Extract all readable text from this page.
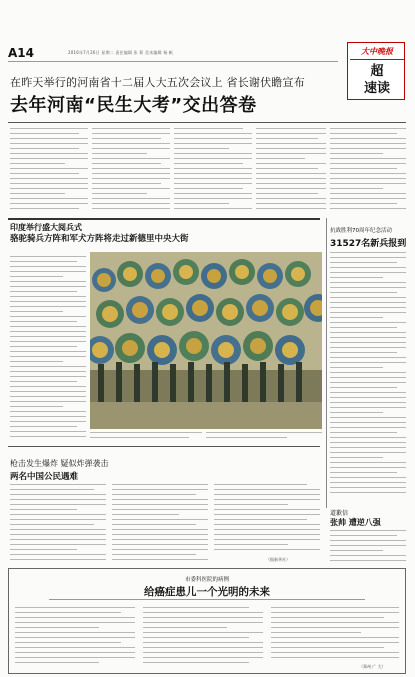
A14	2016年7月26日 星期二 责任编辑 张 莉 美术编辑 杨 帆	大中晚报
超
速读
在昨天举行的河南省十二届人大五次会议上 省长谢伏瞻宣布
去年河南“民生大考”交出答卷
印度举行盛大阅兵式
骆驼骑兵方阵和军犬方阵将走过新德里中央大街
抗战胜利70周年纪念活动
31527名新兵报到
枪击发生爆炸 疑似炸弹袭击
两名中国公民遇难
（据新华社）
道歉信
张帅 遭逆八强
市委科医院的病例
给癌症患儿一个光明的未来
（郑州 广 大）
